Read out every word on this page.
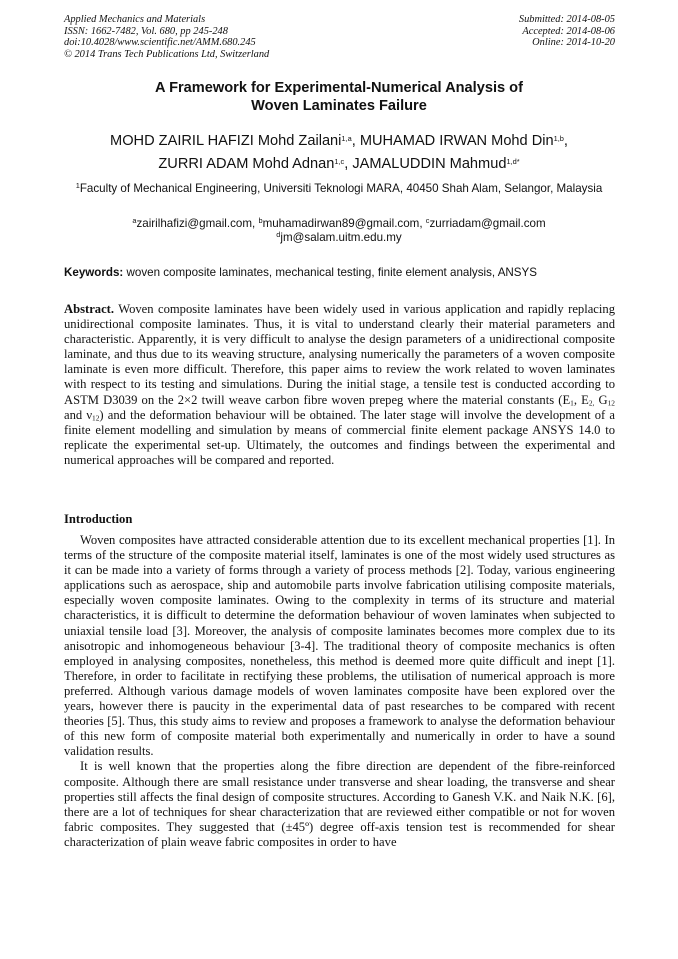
Applied Mechanics and Materials
ISSN: 1662-7482, Vol. 680, pp 245-248
doi:10.4028/www.scientific.net/AMM.680.245
© 2014 Trans Tech Publications Ltd, Switzerland
Submitted: 2014-08-05
Accepted: 2014-08-06
Online: 2014-10-20
A Framework for Experimental-Numerical Analysis of
Woven Laminates Failure
MOHD ZAIRIL HAFIZI Mohd Zailani$^{1,a}$, MUHAMAD IRWAN Mohd Din$^{1,b}$,
ZURRI ADAM Mohd Adnan$^{1,c}$, JAMALUDDIN Mahmud$^{1,d*}$
$^1$Faculty of Mechanical Engineering, Universiti Teknologi MARA, 40450 Shah Alam, Selangor, Malaysia
$^a$zairilhafizi@gmail.com, $^b$muhamadirwan89@gmail.com, $^c$zurriadam@gmail.com
$^d$jm@salam.uitm.edu.my
Keywords: woven composite laminates, mechanical testing, finite element analysis, ANSYS
Abstract. Woven composite laminates have been widely used in various application and rapidly replacing unidirectional composite laminates. Thus, it is vital to understand clearly their material parameters and characteristic. Apparently, it is very difficult to analyse the design parameters of a unidirectional composite laminate, and thus due to its weaving structure, analysing numerically the parameters of a woven composite laminate is even more difficult. Therefore, this paper aims to review the work related to woven laminates with respect to its testing and simulations. During the initial stage, a tensile test is conducted according to ASTM D3039 on the 2×2 twill weave carbon fibre woven prepeg where the material constants ($E_1$, $E_{2,}$ $G_{12}$ and $\nu_{12}$) and the deformation behaviour will be obtained. The later stage will involve the development of a finite element modelling and simulation by means of commercial finite element package ANSYS 14.0 to replicate the experimental set-up. Ultimately, the outcomes and findings between the experimental and numerical approaches will be compared and reported.
Introduction

Woven composites have attracted considerable attention due to its excellent mechanical properties [1]. In terms of the structure of the composite material itself, laminates is one of the most widely used structures as it can be made into a variety of forms through a variety of process methods [2]. Today, various engineering applications such as aerospace, ship and automobile parts involve fabrication utilising composite materials, especially woven composite laminates. Owing to the complexity in terms of its structure and material characteristics, it is difficult to determine the deformation behaviour of woven laminates when subjected to uniaxial tensile load [3]. Moreover, the analysis of composite laminates becomes more complex due to its anisotropic and inhomogeneous behaviour [3-4]. The traditional theory of composite mechanics is often employed in analysing composites, nonetheless, this method is deemed more quite difficult and inept [1]. Therefore, in order to facilitate in rectifying these problems, the utilisation of numerical approach is more preferred. Although various damage models of woven laminates composite have been explored over the years, however there is paucity in the experimental data of past researches to be compared with recent theories [5]. Thus, this study aims to review and proposes a framework to analyse the deformation behaviour of this new form of composite material both experimentally and numerically in order to have a sound validation results.

It is well known that the properties along the fibre direction are dependent of the fibre-reinforced composite. Although there are small resistance under transverse and shear loading, the transverse and shear properties still affects the final design of composite structures. According to Ganesh V.K. and Naik N.K. [6], there are a lot of techniques for shear characterization that are reviewed either compatible or not for woven fabric composites. They suggested that (±45º) degree off-axis tension test is recommended for shear characterization of plain weave fabric composites in order to have
